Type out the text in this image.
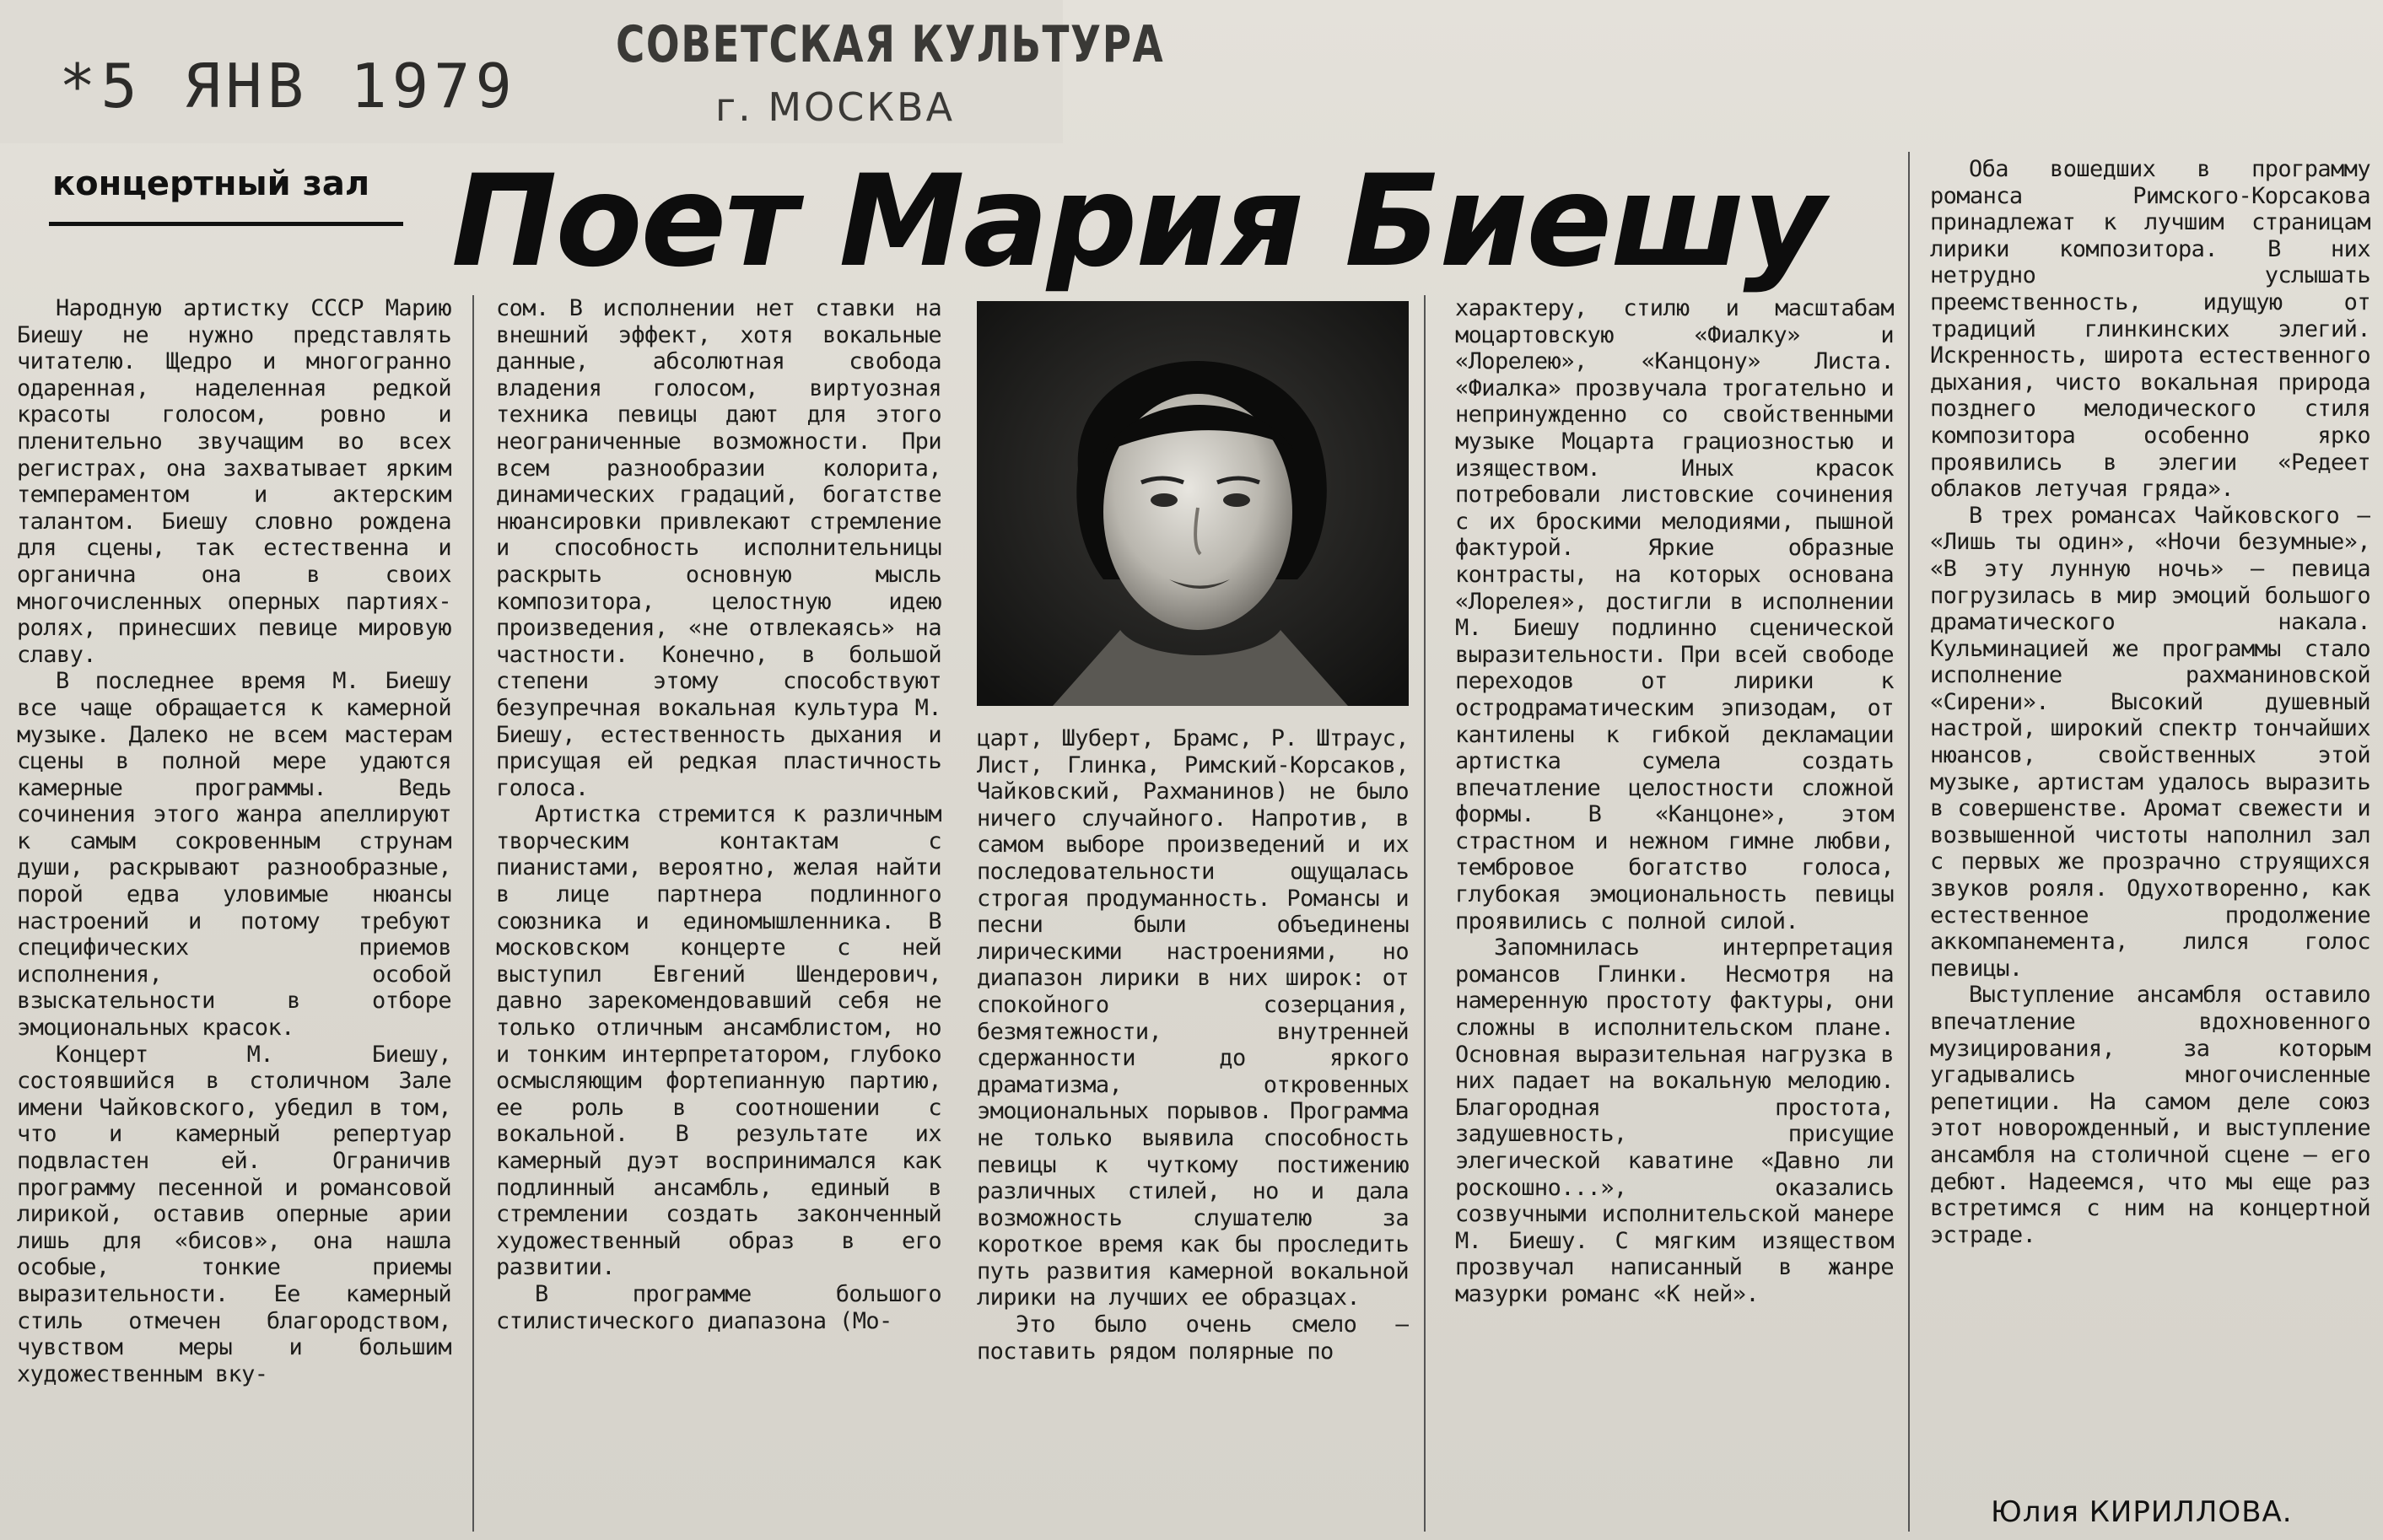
*5 ЯНВ 1979
СОВЕТСКАЯ КУЛЬТУРА
г. МОСКВА
концертный зал Поет Мария Биешу

Народную артистку СССР Марию Биешу не нужно представлять читателю. Щедро и многогранно одаренная, наделенная редкой красоты голосом, ровно и пленительно звучащим во всех регистрах, она захватывает ярким темпераментом и актерским талантом. Биешу словно рождена для сцены, так естественна и органична она в своих многочисленных оперных партиях-ролях, принесших певице мировую славу.

В последнее время М. Биешу все чаще обращается к камерной музыке. Далеко не всем мастерам сцены в полной мере удаются камерные программы. Ведь сочинения этого жанра апеллируют к самым сокровенным струнам души, раскрывают разнообразные, порой едва уловимые нюансы настроений и потому требуют специфических приемов исполнения, особой взыскательности в отборе эмоциональных красок.

Концерт М. Биешу, состоявшийся в столичном Зале имени Чайковского, убедил в том, что и камерный репертуар подвластен ей. Ограничив программу песенной и романсовой лирикой, оставив оперные арии лишь для «бисов», она нашла особые, тонкие приемы выразительности. Ее камерный стиль отмечен благородством, чувством меры и большим художественным вку-

сом. В исполнении нет ставки на внешний эффект, хотя вокальные данные, абсолютная свобода владения голосом, виртуозная техника певицы дают для этого неограниченные возможности. При всем разнообразии колорита, динамических градаций, богатстве нюансировки привлекают стремление и способность исполнительницы раскрыть основную мысль композитора, целостную идею произведения, «не отвлекаясь» на частности. Конечно, в большой степени этому способствуют безупречная вокальная культура М. Биешу, естественность дыхания и присущая ей редкая пластичность голоса.

Артистка стремится к различным творческим контактам с пианистами, вероятно, желая найти в лице партнера подлинного союзника и единомышленника. В московском концерте с ней выступил Евгений Шендерович, давно зарекомендовавший себя не только отличным ансамблистом, но и тонким интерпретатором, глубоко осмысляющим фортепианную партию, ее роль в соотношении с вокальной. В результате их камерный дуэт воспринимался как подлинный ансамбль, единый в стремлении создать законченный художественный образ в его развитии.

В программе большого стилистического диапазона (Мо-

царт, Шуберт, Брамс, Р. Штраус, Лист, Глинка, Римский-Корсаков, Чайковский, Рахманинов) не было ничего случайного. Напротив, в самом выборе произведений и их последовательности ощущалась строгая продуманность. Романсы и песни были объединены лирическими настроениями, но диапазон лирики в них широк: от спокойного созерцания, безмятежности, внутренней сдержанности до яркого драматизма, откровенных эмоциональных порывов. Программа не только выявила способность певицы к чуткому постижению различных стилей, но и дала возможность слушателю за короткое время как бы проследить путь развития камерной вокальной лирики на лучших ее образцах.

Это было очень смело — поставить рядом полярные по

характеру, стилю и масштабам моцартовскую «Фиалку» и «Лорелею», «Канцону» Листа. «Фиалка» прозвучала трогательно и непринужденно со свойственными музыке Моцарта грациозностью и изяществом. Иных красок потребовали листовские сочинения с их броскими мелодиями, пышной фактурой. Яркие образные контрасты, на которых основана «Лорелея», достигли в исполнении М. Биешу подлинно сценической выразительности. При всей свободе переходов от лирики к остродраматическим эпизодам, от кантилены к гибкой декламации артистка сумела создать впечатление целостности сложной формы. В «Канцоне», этом страстном и нежном гимне любви, тембровое богатство голоса, глубокая эмоциональность певицы проявились с полной силой.

Запомнилась интерпретация романсов Глинки. Несмотря на намеренную простоту фактуры, они сложны в исполнительском плане. Основная выразительная нагрузка в них падает на вокальную мелодию. Благородная простота, задушевность, присущие элегической каватине «Давно ли роскошно...», оказались созвучными исполнительской манере М. Биешу. С мягким изяществом прозвучал написанный в жанре мазурки романс «К ней».

Оба вошедших в программу романса Римского-Корсакова принадлежат к лучшим страницам лирики композитора. В них нетрудно услышать преемственность, идущую от традиций глинкинских элегий. Искренность, широта естественного дыхания, чисто вокальная природа позднего мелодического стиля композитора особенно ярко проявились в элегии «Редеет облаков летучая гряда».

В трех романсах Чайковского — «Лишь ты один», «Ночи безумные», «В эту лунную ночь» — певица погрузилась в мир эмоций большого драматического накала. Кульминацией же программы стало исполнение рахманиновской «Сирени». Высокий душевный настрой, широкий спектр тончайших нюансов, свойственных этой музыке, артистам удалось выразить в совершенстве. Аромат свежести и возвышенной чистоты наполнил зал с первых же прозрачно струящихся звуков рояля. Одухотворенно, как естественное продолжение аккомпанемента, лился голос певицы.

Выступление ансамбля оставило впечатление вдохновенного музицирования, за которым угадывались многочисленные репетиции. На самом деле союз этот новорожденный, и выступление ансамбля на столичной сцене — его дебют. Надеемся, что мы еще раз встретимся с ним на концертной эстраде.

Юлия КИРИЛЛОВА.
